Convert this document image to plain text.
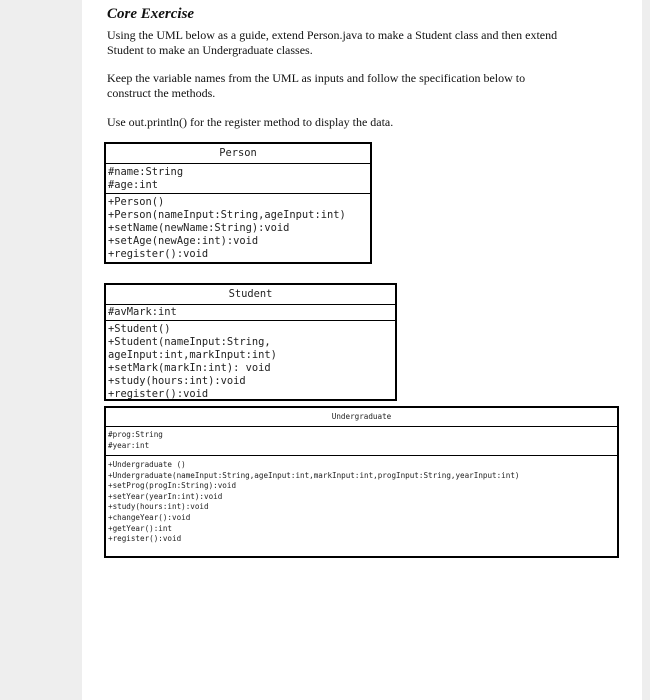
Core Exercise
Using the UML below as a guide, extend Person.java to make a Student class and then extend Student to make an Undergraduate classes.
Keep the variable names from the UML as inputs and follow the specification below to construct the methods.
Use out.println() for the register method to display the data.
Person
#name:String
#age:int
+Person()
+Person(nameInput:String,ageInput:int)
+setName(newName:String):void
+setAge(newAge:int):void
+register():void
Student
#avMark:int
+Student()
+Student(nameInput:String,
ageInput:int,markInput:int)
+setMark(markIn:int): void
+study(hours:int):void
+register():void
Undergraduate
#prog:String
#year:int
+Undergraduate ()
+Undergraduate(nameInput:String,ageInput:int,markInput:int,progInput:String,yearInput:int)
+setProg(progIn:String):void
+setYear(yearIn:int):void
+study(hours:int):void
+changeYear():void
+getYear():int
+register():void
